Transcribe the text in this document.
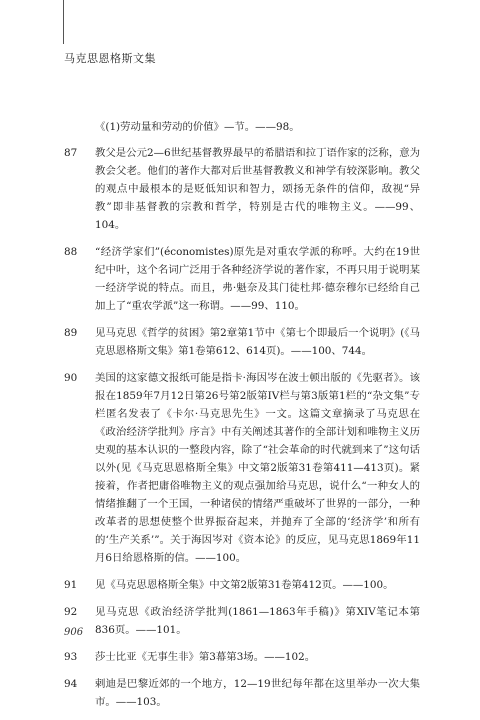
马克思恩格斯文集
《(1)劳动量和劳动的价值》—节。——98。
87	教父是公元2—6世纪基督教界最早的希腊语和拉丁语作家的泛称，意为教会父老。他们的著作大都对后世基督教教义和神学有较深影响。教父的观点中最根本的是贬低知识和智力，颂扬无条件的信仰，敌视“异教”即非基督教的宗教和哲学，特别是古代的唯物主义。——99、104。
88	“经济学家们”(économistes)原先是对重农学派的称呼。大约在19世纪中叶，这个名词广泛用于各种经济学说的著作家，不再只用于说明某一经济学说的特点。而且，弗·魁奈及其门徒杜邦·德奈穆尔已经给自己加上了“重农学派”这一称谓。——99、110。
89	见马克思《哲学的贫困》第2章第1节中《第七个即最后一个说明》(《马克思恩格斯文集》第1卷第612、614页)。——100、744。
90	美国的这家德文报纸可能是指卡·海因岑在波士顿出版的《先驱者》。该报在1859年7月12日第26号第2版第IV栏与第3版第1栏的“杂文集”专栏匿名发表了《卡尔·马克思先生》一文。这篇文章摘录了马克思在《政治经济学批判》序言》中有关阐述其著作的全部计划和唯物主义历史观的基本认识的一整段内容，除了“社会革命的时代就到来了”这句话以外(见《马克思恩格斯全集》中文第2版第31卷第411—413页)。紧接着，作者把庸俗唯物主义的观点强加给马克思，说什么“一种女人的情绪推翻了一个王国，一种诸侯的情绪严重破坏了世界的一部分，一种改革者的思想使整个世界振奋起来，并抛弃了全部的‘经济学’和所有的‘生产关系’”。关于海因岑对《资本论》的反应，见马克思1869年11月6日给恩格斯的信。——100。
91	见《马克思恩格斯全集》中文第2版第31卷第412页。——100。
92	见马克思《政治经济学批判(1861—1863年手稿)》第XIV笔记本第836页。——101。
93	莎士比亚《无事生非》第3幕第3场。——102。
94	剌迪是巴黎近郊的一个地方，12—19世纪每年都在这里举办一次大集市。——103。
906
